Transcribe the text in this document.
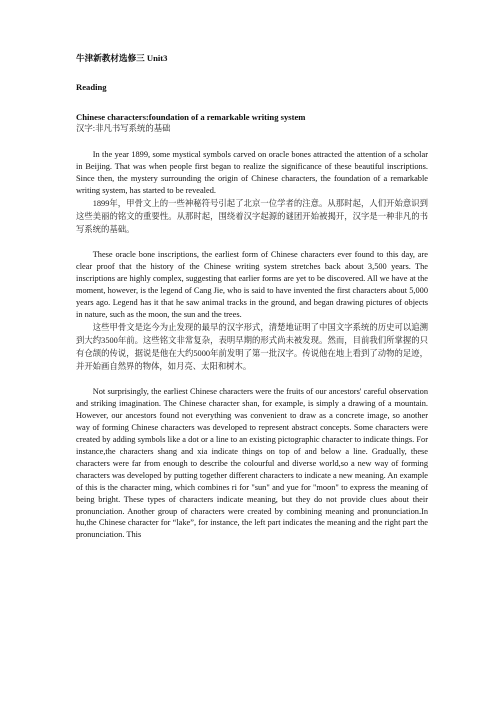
牛津新教材选修三 Unit3
Reading
Chinese characters:foundation of a remarkable writing system
汉字:非凡书写系统的基础

In the year 1899, some mystical symbols carved on oracle bones attracted the attention of a scholar in Beijing. That was when people first began to realize the significance of these beautiful inscriptions. Since then, the mystery surrounding the origin of Chinese characters, the foundation of a remarkable writing system, has started to be revealed.

1899年，甲骨文上的一些神秘符号引起了北京一位学者的注意。从那时起，人们开始意识到这些美丽的铭文的重要性。从那时起，围绕着汉字起源的谜团开始被揭开，汉字是一种非凡的书写系统的基础。

These oracle bone inscriptions, the earliest form of Chinese characters ever found to this day, are clear proof that the history of the Chinese writing system stretches back about 3,500 years. The inscriptions are highly complex, suggesting that earlier forms are yet to be discovered. All we have at the moment, however, is the legend of Cang Jie, who is said to have invented the first characters about 5,000 years ago. Legend has it that he saw animal tracks in the ground, and began drawing pictures of objects in nature, such as the moon, the sun and the trees.

这些甲骨文是迄今为止发现的最早的汉字形式，清楚地证明了中国文字系统的历史可以追溯到大约3500年前。这些铭文非常复杂，表明早期的形式尚未被发现。然而，目前我们所掌握的只有仓颉的传说，据说是他在大约5000年前发明了第一批汉字。传说他在地上看到了动物的足迹，并开始画自然界的物体，如月亮、太阳和树木。

Not surprisingly, the earliest Chinese characters were the fruits of our ancestors' careful observation and striking imagination. The Chinese character shan, for example, is simply a drawing of a mountain. However, our ancestors found not everything was convenient to draw as a concrete image, so another way of forming Chinese characters was developed to represent abstract concepts. Some characters were created by adding symbols like a dot or a line to an existing pictographic character to indicate things. For instance,the characters shang and xia indicate things on top of and below a line. Gradually, these characters were far from enough to describe the colourful and diverse world,so a new way of forming characters was developed by putting together different characters to indicate a new meaning. An example of this is the character ming, which combines ri for "sun" and yue for "moon" to express the meaning of being bright. These types of characters indicate meaning, but they do not provide clues about their pronunciation. Another group of characters were created by combining meaning and pronunciation.In hu,the Chinese character for “lake”, for instance, the left part indicates the meaning and the right part the pronunciation. This
